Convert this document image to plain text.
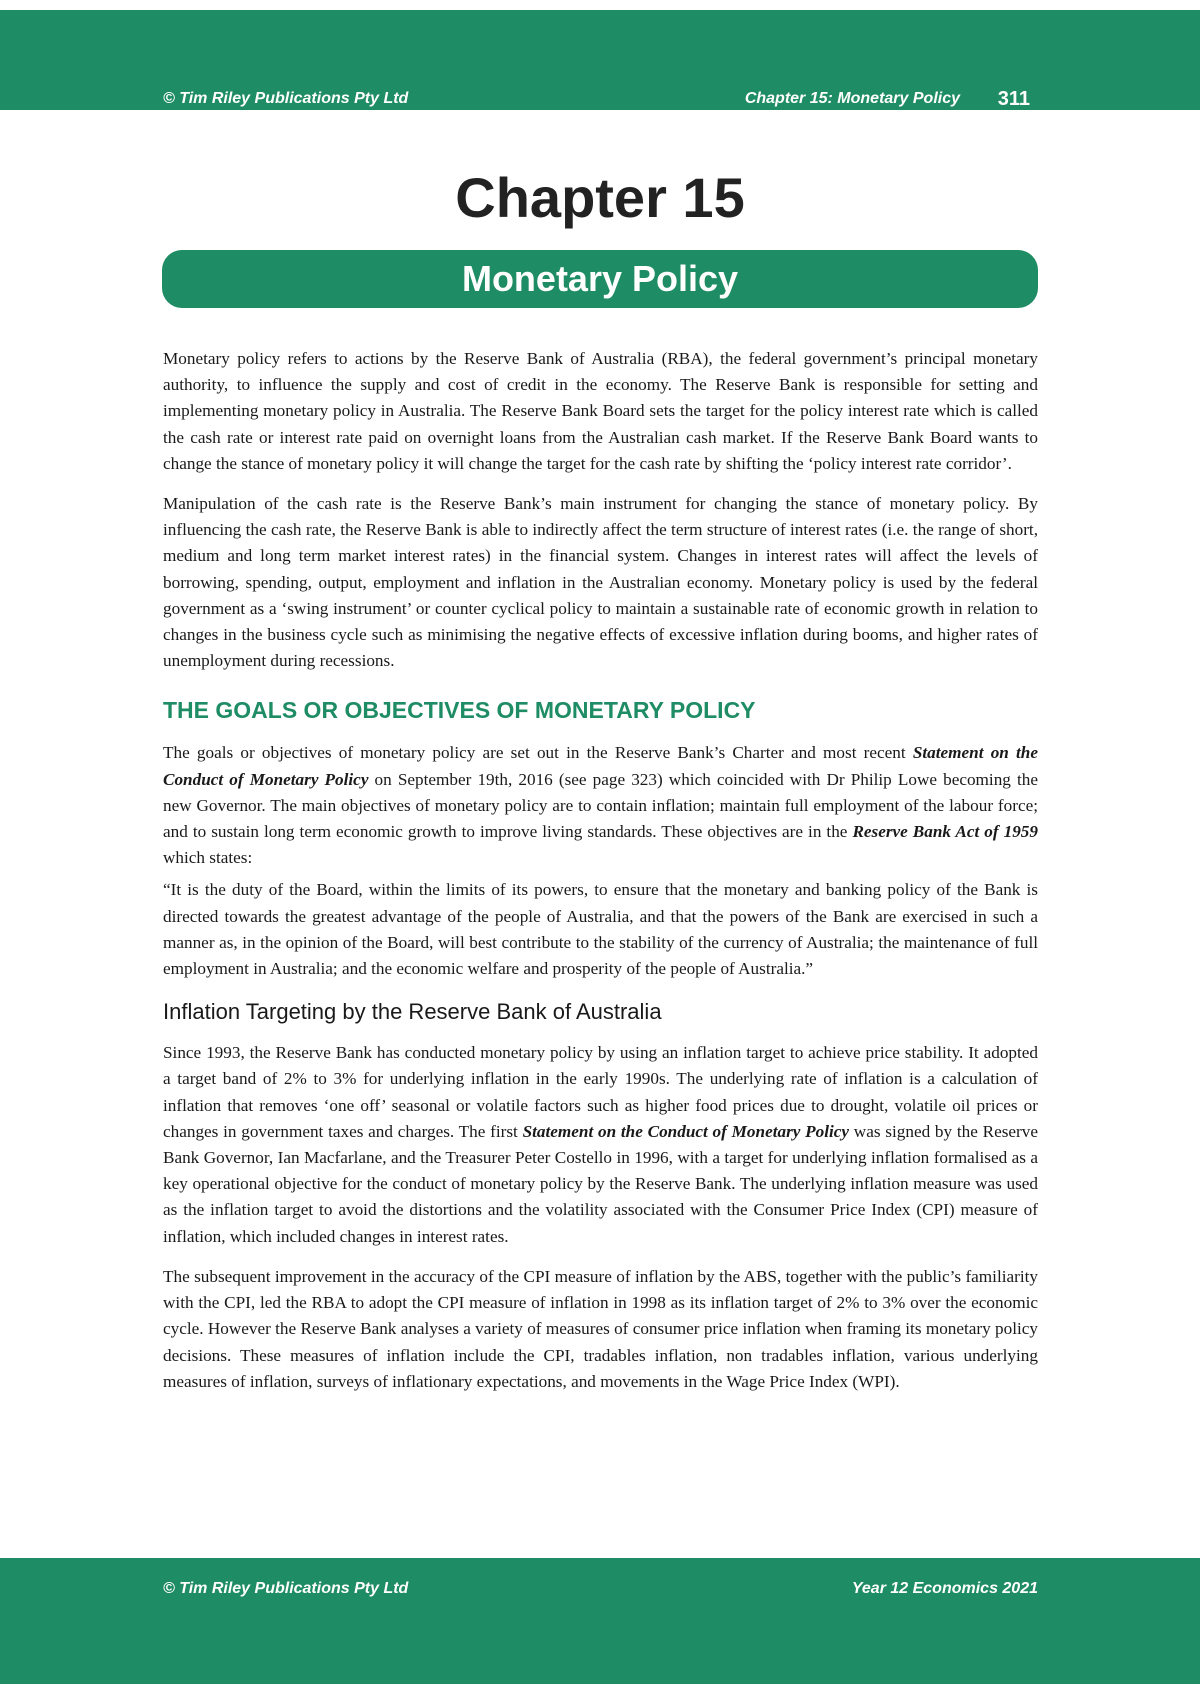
© Tim Riley Publications Pty Ltd	Chapter 15: Monetary Policy 311
Chapter 15
Monetary Policy

Monetary policy refers to actions by the Reserve Bank of Australia (RBA), the federal government’s principal monetary authority, to influence the supply and cost of credit in the economy. The Reserve Bank is responsible for setting and implementing monetary policy in Australia. The Reserve Bank Board sets the target for the policy interest rate which is called the cash rate or interest rate paid on overnight loans from the Australian cash market. If the Reserve Bank Board wants to change the stance of monetary policy it will change the target for the cash rate by shifting the ‘policy interest rate corridor’.

Manipulation of the cash rate is the Reserve Bank’s main instrument for changing the stance of monetary policy. By influencing the cash rate, the Reserve Bank is able to indirectly affect the term structure of interest rates (i.e. the range of short, medium and long term market interest rates) in the financial system. Changes in interest rates will affect the levels of borrowing, spending, output, employment and inflation in the Australian economy. Monetary policy is used by the federal government as a ‘swing instrument’ or counter cyclical policy to maintain a sustainable rate of economic growth in relation to changes in the business cycle such as minimising the negative effects of excessive inflation during booms, and higher rates of unemployment during recessions.

THE GOALS OR OBJECTIVES OF MONETARY POLICY

The goals or objectives of monetary policy are set out in the Reserve Bank’s Charter and most recent Statement on the Conduct of Monetary Policy on September 19th, 2016 (see page 323) which coincided with Dr Philip Lowe becoming the new Governor. The main objectives of monetary policy are to contain inflation; maintain full employment of the labour force; and to sustain long term economic growth to improve living standards. These objectives are in the Reserve Bank Act of 1959 which states:

“It is the duty of the Board, within the limits of its powers, to ensure that the monetary and banking policy of the Bank is directed towards the greatest advantage of the people of Australia, and that the powers of the Bank are exercised in such a manner as, in the opinion of the Board, will best contribute to the stability of the currency of Australia; the maintenance of full employment in Australia; and the economic welfare and prosperity of the people of Australia.”

Inflation Targeting by the Reserve Bank of Australia

Since 1993, the Reserve Bank has conducted monetary policy by using an inflation target to achieve price stability. It adopted a target band of 2% to 3% for underlying inflation in the early 1990s. The underlying rate of inflation is a calculation of inflation that removes ‘one off’ seasonal or volatile factors such as higher food prices due to drought, volatile oil prices or changes in government taxes and charges. The first Statement on the Conduct of Monetary Policy was signed by the Reserve Bank Governor, Ian Macfarlane, and the Treasurer Peter Costello in 1996, with a target for underlying inflation formalised as a key operational objective for the conduct of monetary policy by the Reserve Bank. The underlying inflation measure was used as the inflation target to avoid the distortions and the volatility associated with the Consumer Price Index (CPI) measure of inflation, which included changes in interest rates.

The subsequent improvement in the accuracy of the CPI measure of inflation by the ABS, together with the public’s familiarity with the CPI, led the RBA to adopt the CPI measure of inflation in 1998 as its inflation target of 2% to 3% over the economic cycle. However the Reserve Bank analyses a variety of measures of consumer price inflation when framing its monetary policy decisions. These measures of inflation include the CPI, tradables inflation, non tradables inflation, various underlying measures of inflation, surveys of inflationary expectations, and movements in the Wage Price Index (WPI).

© Tim Riley Publications Pty Ltd	Year 12 Economics 2021
